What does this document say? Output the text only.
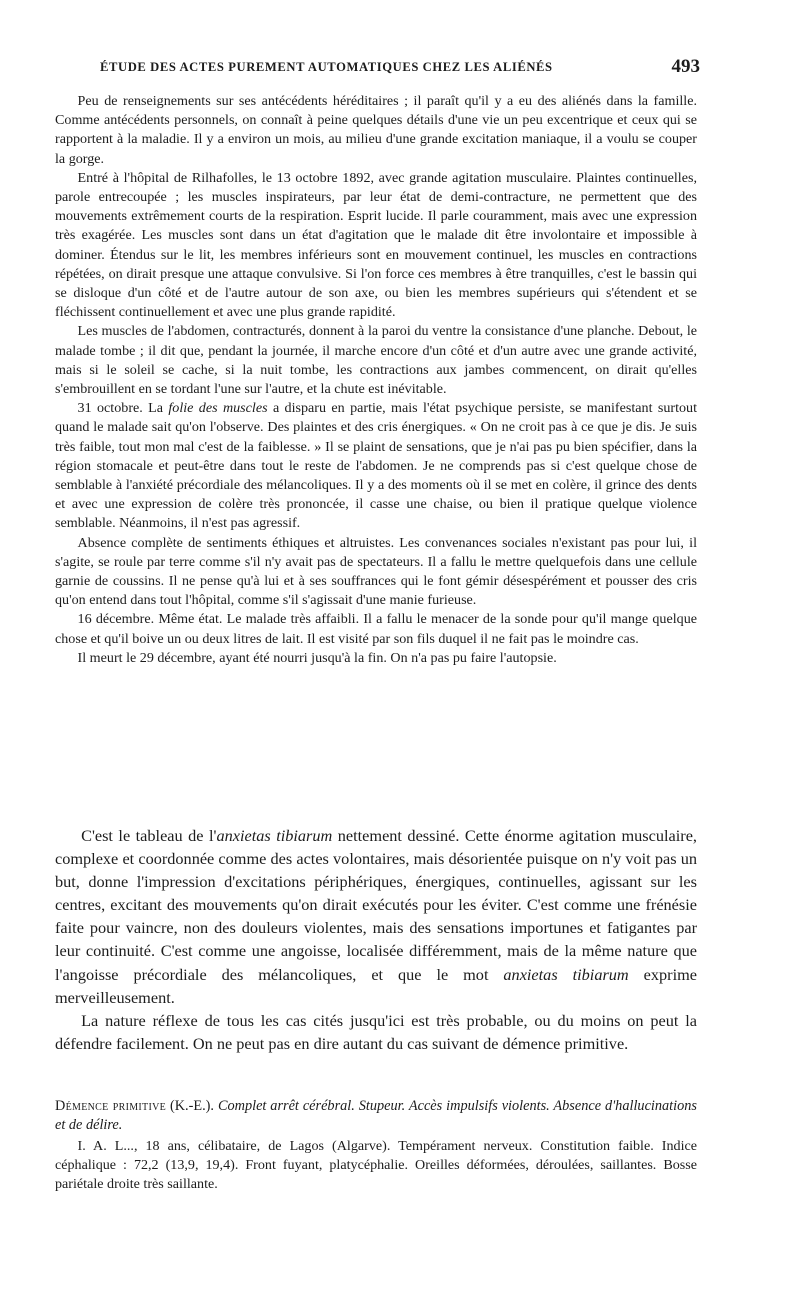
ÉTUDE DES ACTES PUREMENT AUTOMATIQUES CHEZ LES ALIÉNÉS	493

Peu de renseignements sur ses antécédents héréditaires ; il paraît qu'il y a eu des aliénés dans la famille. Comme antécédents personnels, on connaît à peine quelques détails d'une vie un peu excentrique et ceux qui se rapportent à la maladie. Il y a environ un mois, au milieu d'une grande excitation maniaque, il a voulu se couper la gorge.

Entré à l'hôpital de Rilhafolles, le 13 octobre 1892, avec grande agitation musculaire. Plaintes continuelles, parole entrecoupée ; les muscles inspirateurs, par leur état de demi-contracture, ne permettent que des mouvements extrêmement courts de la respiration. Esprit lucide. Il parle couramment, mais avec une expression très exagérée. Les muscles sont dans un état d'agitation que le malade dit être involontaire et impossible à dominer. Étendus sur le lit, les membres inférieurs sont en mouvement continuel, les muscles en contractions répétées, on dirait presque une attaque convulsive. Si l'on force ces membres à être tranquilles, c'est le bassin qui se disloque d'un côté et de l'autre autour de son axe, ou bien les membres supérieurs qui s'étendent et se fléchissent continuellement et avec une plus grande rapidité.

Les muscles de l'abdomen, contracturés, donnent à la paroi du ventre la consistance d'une planche. Debout, le malade tombe ; il dit que, pendant la journée, il marche encore d'un côté et d'un autre avec une grande activité, mais si le soleil se cache, si la nuit tombe, les contractions aux jambes commencent, on dirait qu'elles s'embrouillent en se tordant l'une sur l'autre, et la chute est inévitable.

31 octobre. La folie des muscles a disparu en partie, mais l'état psychique persiste, se manifestant surtout quand le malade sait qu'on l'observe. Des plaintes et des cris énergiques. « On ne croit pas à ce que je dis. Je suis très faible, tout mon mal c'est de la faiblesse. » Il se plaint de sensations, que je n'ai pas pu bien spécifier, dans la région stomacale et peut-être dans tout le reste de l'abdomen. Je ne comprends pas si c'est quelque chose de semblable à l'anxiété précordiale des mélancoliques. Il y a des moments où il se met en colère, il grince des dents et avec une expression de colère très prononcée, il casse une chaise, ou bien il pratique quelque violence semblable. Néanmoins, il n'est pas agressif.

Absence complète de sentiments éthiques et altruistes. Les convenances sociales n'existant pas pour lui, il s'agite, se roule par terre comme s'il n'y avait pas de spectateurs. Il a fallu le mettre quelquefois dans une cellule garnie de coussins. Il ne pense qu'à lui et à ses souffrances qui le font gémir désespérément et pousser des cris qu'on entend dans tout l'hôpital, comme s'il s'agissait d'une manie furieuse.

16 décembre. Même état. Le malade très affaibli. Il a fallu le menacer de la sonde pour qu'il mange quelque chose et qu'il boive un ou deux litres de lait. Il est visité par son fils duquel il ne fait pas le moindre cas.

Il meurt le 29 décembre, ayant été nourri jusqu'à la fin. On n'a pas pu faire l'autopsie.

C'est le tableau de l'anxietas tibiarum nettement dessiné. Cette énorme agitation musculaire, complexe et coordonnée comme des actes volontaires, mais désorientée puisque on n'y voit pas un but, donne l'impression d'excitations périphériques, énergiques, continuelles, agissant sur les centres, excitant des mouvements qu'on dirait exécutés pour les éviter. C'est comme une frénésie faite pour vaincre, non des douleurs violentes, mais des sensations importunes et fatigantes par leur continuité. C'est comme une angoisse, localisée différemment, mais de la même nature que l'angoisse précordiale des mélancoliques, et que le mot anxietas tibiarum exprime merveilleusement.

La nature réflexe de tous les cas cités jusqu'ici est très probable, ou du moins on peut la défendre facilement. On ne peut pas en dire autant du cas suivant de démence primitive.

Démence primitive (K.-E.). Complet arrêt cérébral. Stupeur. Accès impulsifs violents. Absence d'hallucinations et de délire.

I. A. L..., 18 ans, célibataire, de Lagos (Algarve). Tempérament nerveux. Constitution faible. Indice céphalique : 72,2 (13,9, 19,4). Front fuyant, platycéphalie. Oreilles déformées, déroulées, saillantes. Bosse pariétale droite très saillante.
